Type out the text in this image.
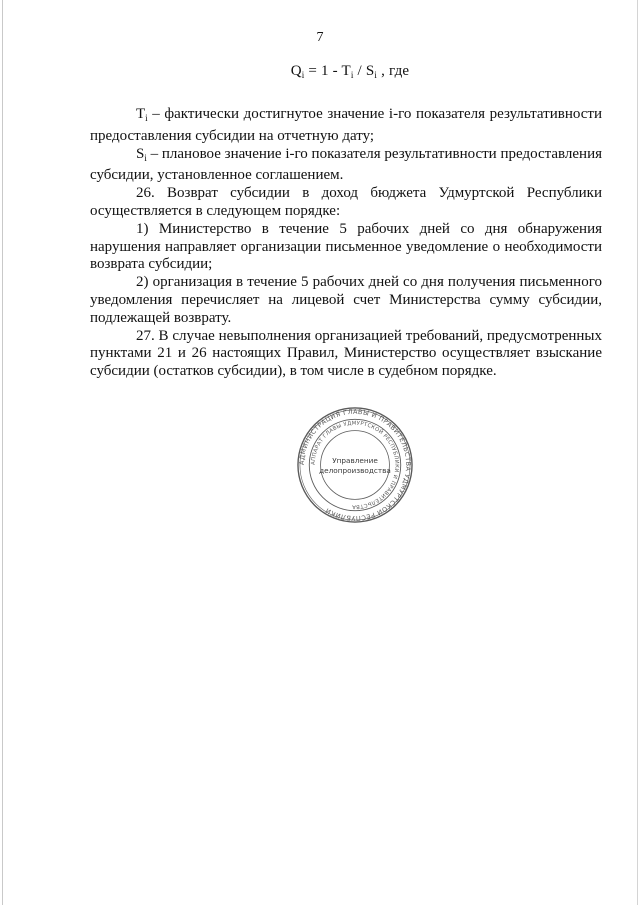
7
$Q_i = 1 - T_i / S_i$ , где

$T_i$ – фактически достигнутое значение i-го показателя результативности предоставления субсидии на отчетную дату;

$S_i$ – плановое значение i-го показателя результативности предоставления субсидии, установленное соглашением.

26. Возврат субсидии в доход бюджета Удмуртской Республики осуществляется в следующем порядке:

1) Министерство в течение 5 рабочих дней со дня обнаружения нарушения направляет организации письменное уведомление о необходимости возврата субсидии;

2) организация в течение 5 рабочих дней со дня получения письменного уведомления перечисляет на лицевой счет Министерства сумму субсидии, подлежащей возврату.

27. В случае невыполнения организацией требований, предусмотренных пунктами 21 и 26 настоящих Правил, Министерство осуществляет взыскание субсидии (остатков субсидии), в том числе в судебном порядке.

АДМИНИСТРАЦИЯ ГЛАВЫ И ПРАВИТЕЛЬСТВА УДМУРТСКОЙ РЕСПУБЛИКИ
АППАРАТ ГЛАВЫ УДМУРТСКОЙ РЕСПУБЛИКИ И ПРАВИТЕЛЬСТВА
Управление
делопроизводства
